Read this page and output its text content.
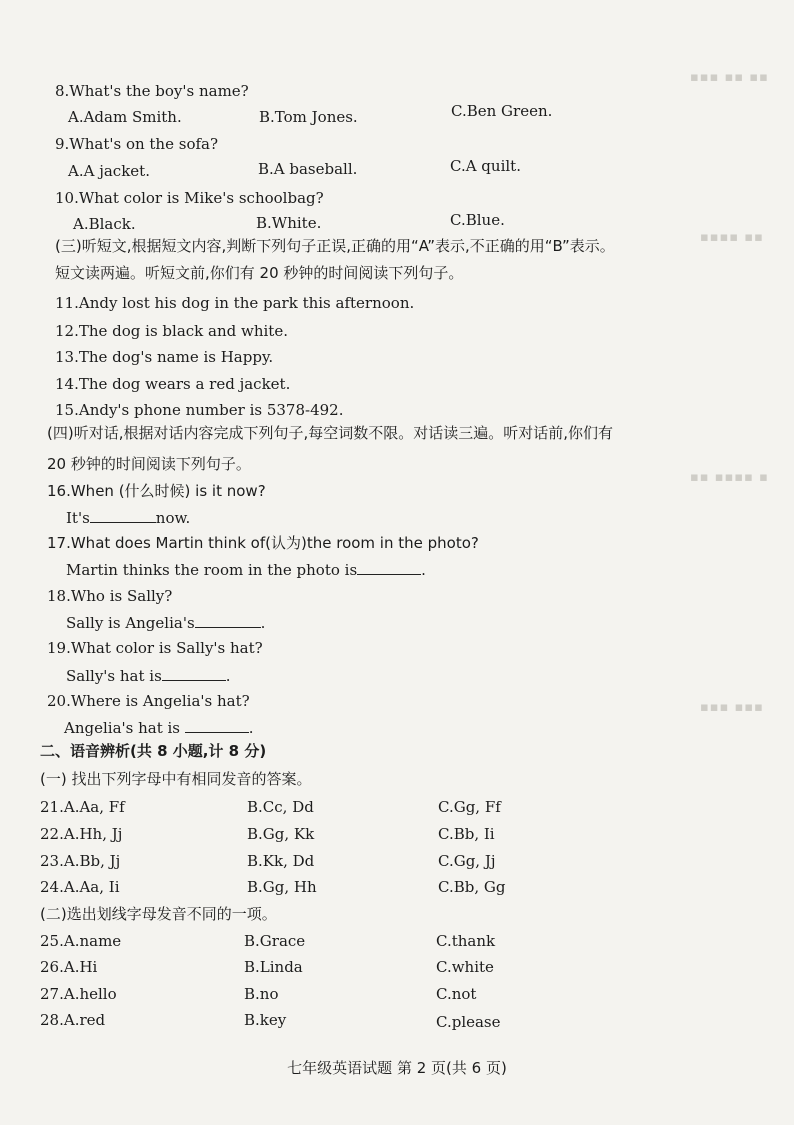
▪▪▪ ▪▪ ▪▪
▪▪▪▪ ▪▪
▪▪ ▪▪▪▪ ▪
▪▪▪ ▪▪▪
8.What's the boy's name?
A.Adam Smith.	B.Tom Jones.	C.Ben Green.
9.What's on the sofa?
A.A jacket.	B.A baseball.	C.A quilt.
10.What color is Mike's schoolbag?
A.Black.	B.White.	C.Blue.
(三)听短文,根据短文内容,判断下列句子正误,正确的用“A”表示,不正确的用“B”表示。
短文读两遍。听短文前,你们有 20 秒钟的时间阅读下列句子。
11.Andy lost his dog in the park this afternoon.
12.The dog is black and white.
13.The dog's name is Happy.
14.The dog wears a red jacket.
15.Andy's phone number is 5378-492.
(四)听对话,根据对话内容完成下列句子,每空词数不限。对话读三遍。听对话前,你们有
20 秒钟的时间阅读下列句子。
16.When (什么时候) is it now?
It's	now.
17.What does Martin think of(认为)the room in the photo?
Martin thinks the room in the photo is	.
18.Who is Sally?
Sally is Angelia's	.
19.What color is Sally's hat?
Sally's hat is	.
20.Where is Angelia's hat?
Angelia's hat is	.
二、语音辨析(共 8 小题,计 8 分)
(一) 找出下列字母中有相同发音的答案。
21.A.Aa, Ff	B.Cc, Dd	C.Gg, Ff
22.A.Hh, Jj	B.Gg, Kk	C.Bb, Ii
23.A.Bb, Jj	B.Kk, Dd	C.Gg, Jj
24.A.Aa, Ii	B.Gg, Hh	C.Bb, Gg
(二)选出划线字母发音不同的一项。
25.A.name	B.Grace	C.thank
26.A.Hi	B.Linda	C.white
27.A.hello	B.no	C.not
28.A.red	B.key	C.please
七年级英语试题 第 2 页(共 6 页)
